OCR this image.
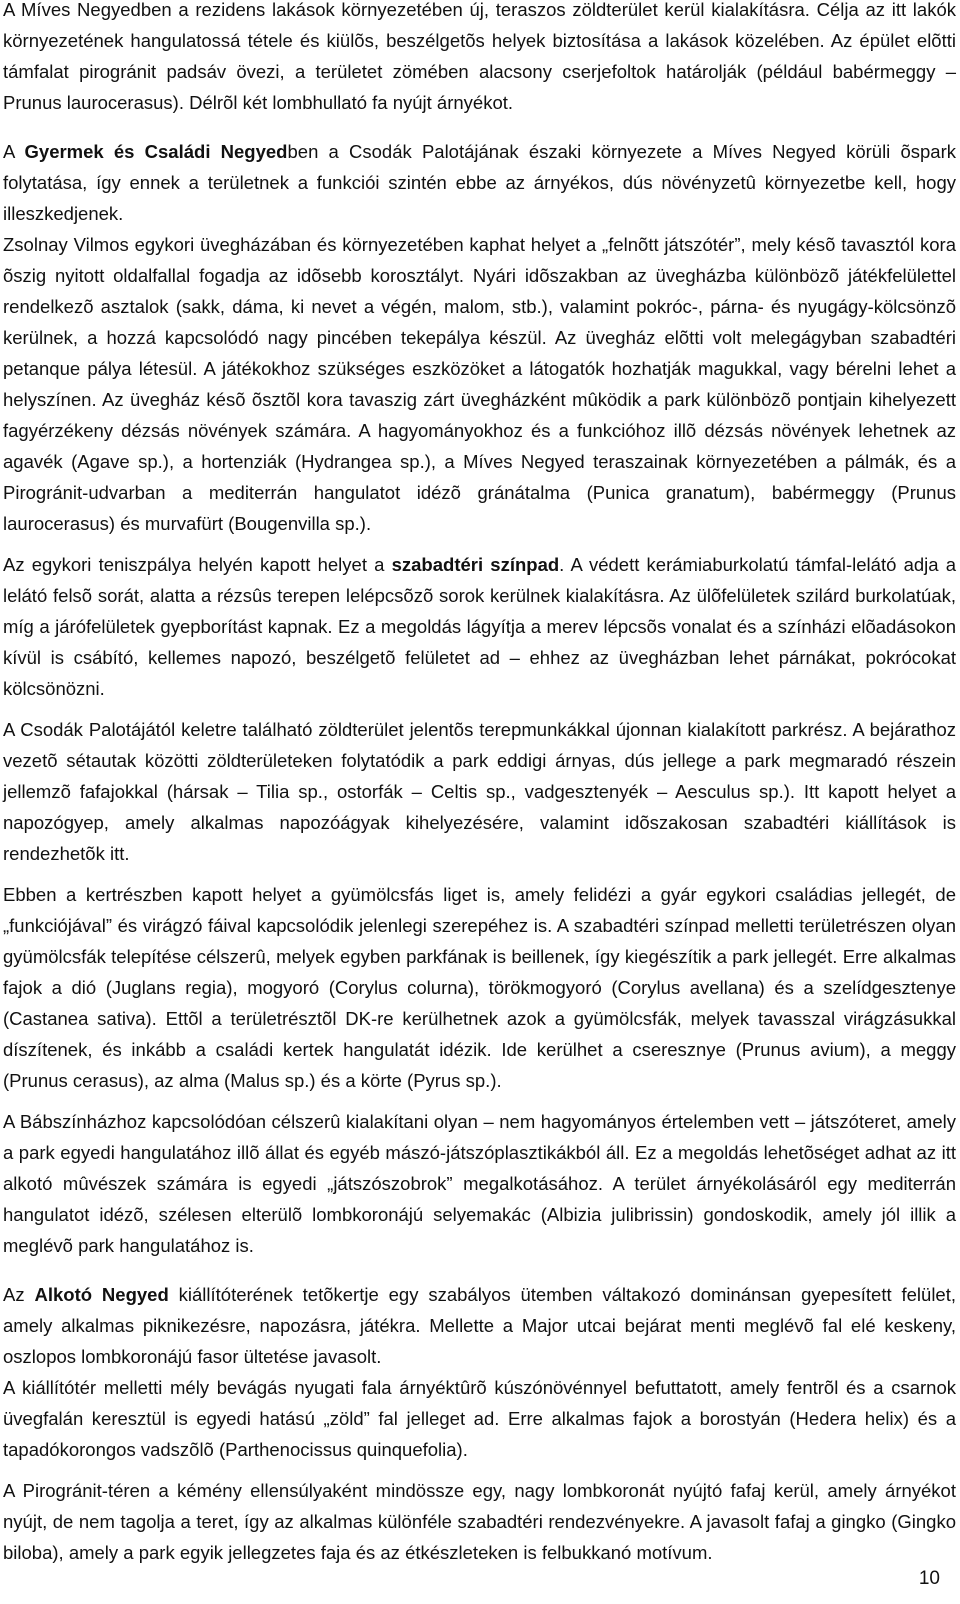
A Míves Negyedben a rezidens lakások környezetében új, teraszos zöldterület kerül kialakításra. Célja az itt lakók környezetének hangulatossá tétele és kiülõs, beszélgetõs helyek biztosítása a lakások közelében. Az épület elõtti támfalat pirogránit padsáv övezi, a területet zömében alacsony cserjefoltok határolják (például babérmeggy – Prunus laurocerasus). Délrõl két lombhullató fa nyújt árnyékot.

A Gyermek és Családi Negyedben a Csodák Palotájának északi környezete a Míves Negyed körüli õspark folytatása, így ennek a területnek a funkciói szintén ebbe az árnyékos, dús növényzetû környezetbe kell, hogy illeszkedjenek.

Zsolnay Vilmos egykori üvegházában és környezetében kaphat helyet a „felnõtt játszótér”, mely késõ tavasztól kora õszig nyitott oldalfallal fogadja az idõsebb korosztályt. Nyári idõszakban az üvegházba különbözõ játékfelülettel rendelkezõ asztalok (sakk, dáma, ki nevet a végén, malom, stb.), valamint pokróc-, párna- és nyugágy-kölcsönzõ kerülnek, a hozzá kapcsolódó nagy pincében tekepálya készül. Az üvegház elõtti volt melegágyban szabadtéri petanque pálya létesül. A játékokhoz szükséges eszközöket a látogatók hozhatják magukkal, vagy bérelni lehet a helyszínen. Az üvegház késõ õsztõl kora tavaszig zárt üvegházként mûködik a park különbözõ pontjain kihelyezett fagyérzékeny dézsás növények számára. A hagyományokhoz és a funkcióhoz illõ dézsás növények lehetnek az agavék (Agave sp.), a hortenziák (Hydrangea sp.), a Míves Negyed teraszainak környezetében a pálmák, és a Pirogránit-udvarban a mediterrán hangulatot idézõ gránátalma (Punica granatum), babérmeggy (Prunus laurocerasus) és murvafürt (Bougenvilla sp.).

Az egykori teniszpálya helyén kapott helyet a szabadtéri színpad. A védett kerámiaburkolatú támfal-lelátó adja a lelátó felsõ sorát, alatta a rézsûs terepen lelépcsõzõ sorok kerülnek kialakításra. Az ülõfelületek szilárd burkolatúak, míg a járófelületek gyepborítást kapnak. Ez a megoldás lágyítja a merev lépcsõs vonalat és a színházi elõadásokon kívül is csábító, kellemes napozó, beszélgetõ felületet ad – ehhez az üvegházban lehet párnákat, pokrócokat kölcsönözni.

A Csodák Palotájától keletre található zöldterület jelentõs terepmunkákkal újonnan kialakított parkrész. A bejárathoz vezetõ sétautak közötti zöldterületeken folytatódik a park eddigi árnyas, dús jellege a park megmaradó részein jellemzõ fafajokkal (hársak – Tilia sp., ostorfák – Celtis sp., vadgesztenyék – Aesculus sp.). Itt kapott helyet a napozógyep, amely alkalmas napozóágyak kihelyezésére, valamint idõszakosan szabadtéri kiállítások is rendezhetõk itt.

Ebben a kertrészben kapott helyet a gyümölcsfás liget is, amely felidézi a gyár egykori családias jellegét, de „funkciójával” és virágzó fáival kapcsolódik jelenlegi szerepéhez is. A szabadtéri színpad melletti területrészen olyan gyümölcsfák telepítése célszerû, melyek egyben parkfának is beillenek, így kiegészítik a park jellegét. Erre alkalmas fajok a dió (Juglans regia), mogyoró (Corylus colurna), törökmogyoró (Corylus avellana) és a szelídgesztenye (Castanea sativa). Ettõl a területrésztõl DK-re kerülhetnek azok a gyümölcsfák, melyek tavasszal virágzásukkal díszítenek, és inkább a családi kertek hangulatát idézik. Ide kerülhet a cseresznye (Prunus avium), a meggy (Prunus cerasus), az alma (Malus sp.) és a körte (Pyrus sp.).

A Bábszínházhoz kapcsolódóan célszerû kialakítani olyan – nem hagyományos értelemben vett – játszóteret, amely a park egyedi hangulatához illõ állat és egyéb mászó-játszóplasztikákból áll. Ez a megoldás lehetõséget adhat az itt alkotó mûvészek számára is egyedi „játszószobrok” megalkotásához. A terület árnyékolásáról egy mediterrán hangulatot idézõ, szélesen elterülõ lombkoronájú selyemakác (Albizia julibrissin) gondoskodik, amely jól illik a meglévõ park hangulatához is.

Az Alkotó Negyed kiállítóterének tetõkertje egy szabályos ütemben váltakozó dominánsan gyepesített felület, amely alkalmas piknikezésre, napozásra, játékra. Mellette a Major utcai bejárat menti meglévõ fal elé keskeny, oszlopos lombkoronájú fasor ültetése javasolt.

A kiállítótér melletti mély bevágás nyugati fala árnyéktûrõ kúszónövénnyel befuttatott, amely fentrõl és a csarnok üvegfalán keresztül is egyedi hatású „zöld” fal jelleget ad. Erre alkalmas fajok a borostyán (Hedera helix) és a tapadókorongos vadszõlõ (Parthenocissus quinquefolia).

A Pirogránit-téren a kémény ellensúlyaként mindössze egy, nagy lombkoronát nyújtó fafaj kerül, amely árnyékot nyújt, de nem tagolja a teret, így az alkalmas különféle szabadtéri rendezvényekre. A javasolt fafaj a gingko (Gingko biloba), amely a park egyik jellegzetes faja és az étkészleteken is felbukkanó motívum.

10
